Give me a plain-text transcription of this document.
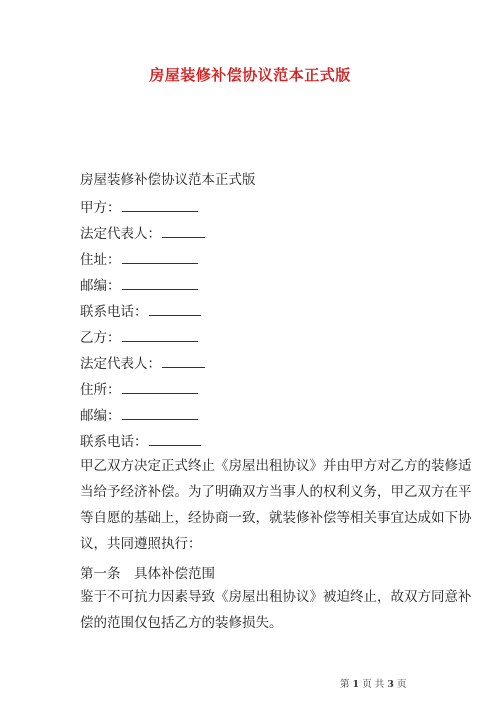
房屋装修补偿协议范本正式版
房屋装修补偿协议范本正式版
甲方：
法定代表人：
住址：
邮编：
联系电话：
乙方：
法定代表人：
住所：
邮编：
联系电话：
甲乙双方决定正式终止《房屋出租协议》并由甲方对乙方的装修适
当给予经济补偿。为了明确双方当事人的权利义务，甲乙双方在平
等自愿的基础上，经协商一致，就装修补偿等相关事宜达成如下协
议，共同遵照执行：
第一条　具体补偿范围
鉴于不可抗力因素导致《房屋出租协议》被迫终止，故双方同意补
偿的范围仅包括乙方的装修损失。
第 1 页 共 3 页
